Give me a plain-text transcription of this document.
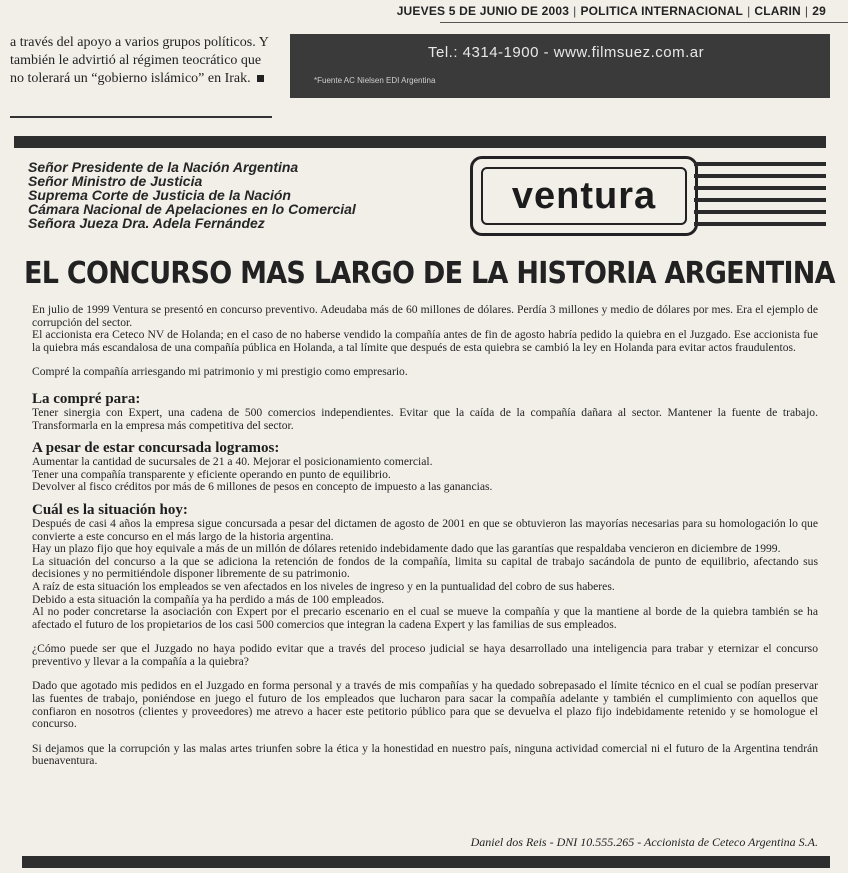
JUEVES 5 DE JUNIO DE 2003 | POLITICA INTERNACIONAL | CLARIN | 29
a través del apoyo a varios grupos políticos. Y también le advirtió al régimen teocrático que no tolerará un “gobierno islámico” en Irak.
Tel.: 4314-1900 - www.filmsuez.com.ar
*Fuente AC Nielsen EDI Argentina
Señor Presidente de la Nación Argentina
Señor Ministro de Justicia
Suprema Corte de Justicia de la Nación
Cámara Nacional de Apelaciones en lo Comercial
Señora Jueza Dra. Adela Fernández
ventura
EL CONCURSO MAS LARGO DE LA HISTORIA ARGENTINA

En julio de 1999 Ventura se presentó en concurso preventivo. Adeudaba más de 60 millones de dólares. Perdía 3 millones y medio de dólares por mes. Era el ejemplo de corrupción del sector.

El accionista era Ceteco NV de Holanda; en el caso de no haberse vendido la compañía antes de fin de agosto habría pedido la quiebra en el Juzgado. Ese accionista fue la quiebra más escandalosa de una compañía pública en Holanda, a tal límite que después de esta quiebra se cambió la ley en Holanda para evitar actos fraudulentos.

Compré la compañía arriesgando mi patrimonio y mi prestigio como empresario.

La compré para:

Tener sinergia con Expert, una cadena de 500 comercios independientes. Evitar que la caída de la compañía dañara al sector. Mantener la fuente de trabajo. Transformarla en la empresa más competitiva del sector.

A pesar de estar concursada logramos:

Aumentar la cantidad de sucursales de 21 a 40. Mejorar el posicionamiento comercial.

Tener una compañía transparente y eficiente operando en punto de equilibrio.

Devolver al fisco créditos por más de 6 millones de pesos en concepto de impuesto a las ganancias.

Cuál es la situación hoy:

Después de casi 4 años la empresa sigue concursada a pesar del dictamen de agosto de 2001 en que se obtuvieron las mayorías necesarias para su homologación lo que convierte a este concurso en el más largo de la historia argentina.

Hay un plazo fijo que hoy equivale a más de un millón de dólares retenido indebidamente dado que las garantías que respaldaba vencieron en diciembre de 1999.

La situación del concurso a la que se adiciona la retención de fondos de la compañía, limita su capital de trabajo sacándola de punto de equilibrio, afectando sus decisiones y no permitiéndole disponer libremente de su patrimonio.

A raíz de esta situación los empleados se ven afectados en los niveles de ingreso y en la puntualidad del cobro de sus haberes.

Debido a esta situación la compañía ya ha perdido a más de 100 empleados.

Al no poder concretarse la asociación con Expert por el precario escenario en el cual se mueve la compañía y que la mantiene al borde de la quiebra también se ha afectado el futuro de los propietarios de los casi 500 comercios que integran la cadena Expert y las familias de sus empleados.

¿Cómo puede ser que el Juzgado no haya podido evitar que a través del proceso judicial se haya desarrollado una inteligencia para trabar y eternizar el concurso preventivo y llevar a la compañía a la quiebra?

Dado que agotado mis pedidos en el Juzgado en forma personal y a través de mis compañías y ha quedado sobrepasado el límite técnico en el cual se podían preservar las fuentes de trabajo, poniéndose en juego el futuro de los empleados que lucharon para sacar la compañía adelante y también el cumplimiento con aquellos que confiaron en nosotros (clientes y proveedores) me atrevo a hacer este petitorio público para que se devuelva el plazo fijo indebidamente retenido y se homologue el concurso.

Si dejamos que la corrupción y las malas artes triunfen sobre la ética y la honestidad en nuestro país, ninguna actividad comercial ni el futuro de la Argentina tendrán buenaventura.

Daniel dos Reis - DNI 10.555.265 - Accionista de Ceteco Argentina S.A.
